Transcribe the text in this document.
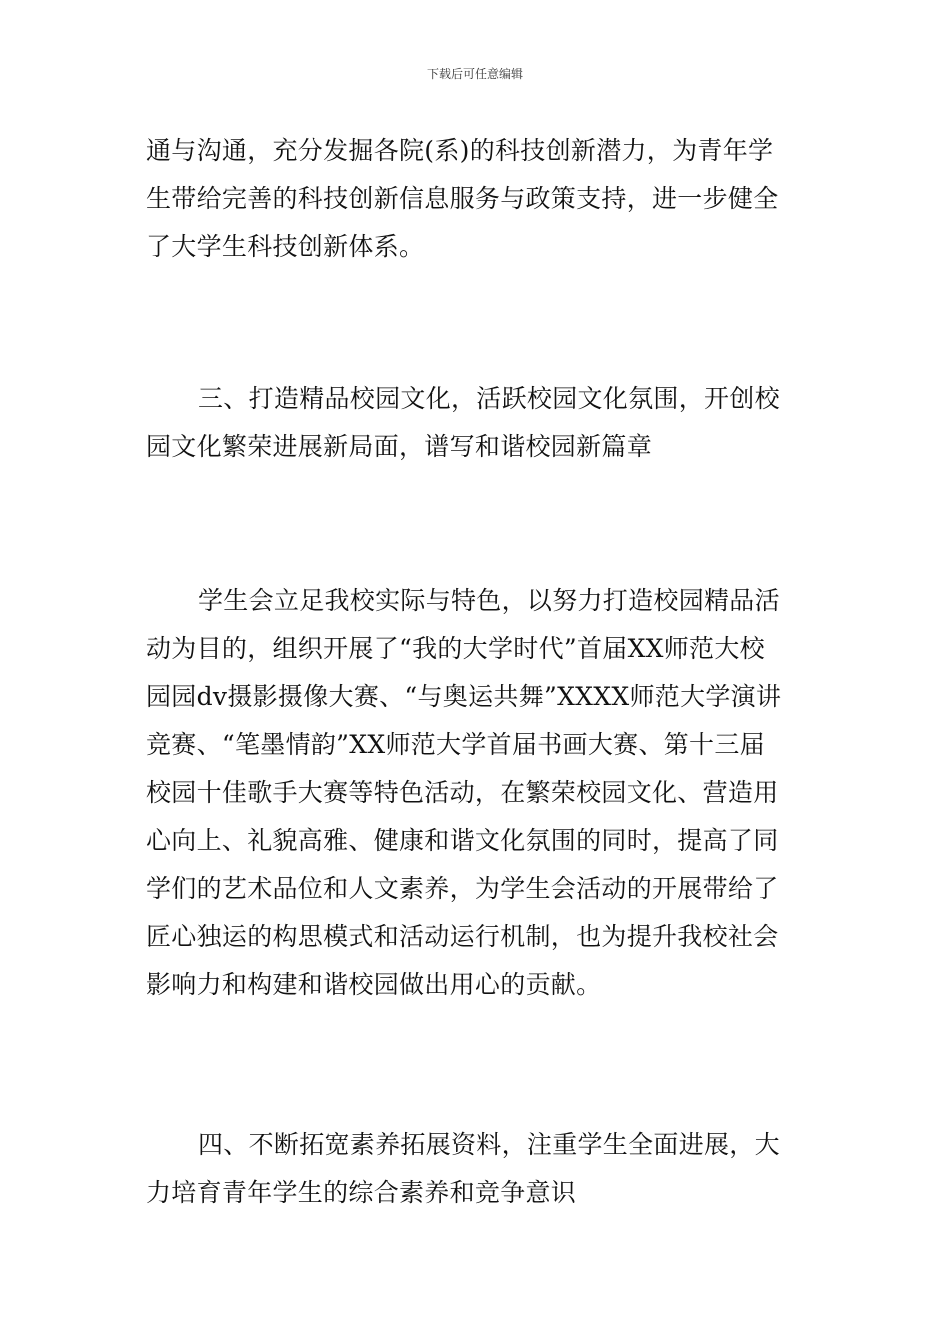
下载后可任意编辑
通与沟通，充分发掘各院(系)的科技创新潜力，为青年学
生带给完善的科技创新信息服务与政策支持，进一步健全
了大学生科技创新体系。
三、打造精品校园文化，活跃校园文化氛围，开创校
园文化繁荣进展新局面，谱写和谐校园新篇章
学生会立足我校实际与特色，以努力打造校园精品活
动为目的，组织开展了“我的大学时代”首届XX师范大校
园园dv摄影摄像大赛、“与奥运共舞”XXXX师范大学演讲
竞赛、“笔墨情韵”XX师范大学首届书画大赛、第十三届
校园十佳歌手大赛等特色活动，在繁荣校园文化、营造用
心向上、礼貌高雅、健康和谐文化氛围的同时，提高了同
学们的艺术品位和人文素养，为学生会活动的开展带给了
匠心独运的构思模式和活动运行机制，也为提升我校社会
影响力和构建和谐校园做出用心的贡献。
四、不断拓宽素养拓展资料，注重学生全面进展，大
力培育青年学生的综合素养和竞争意识
